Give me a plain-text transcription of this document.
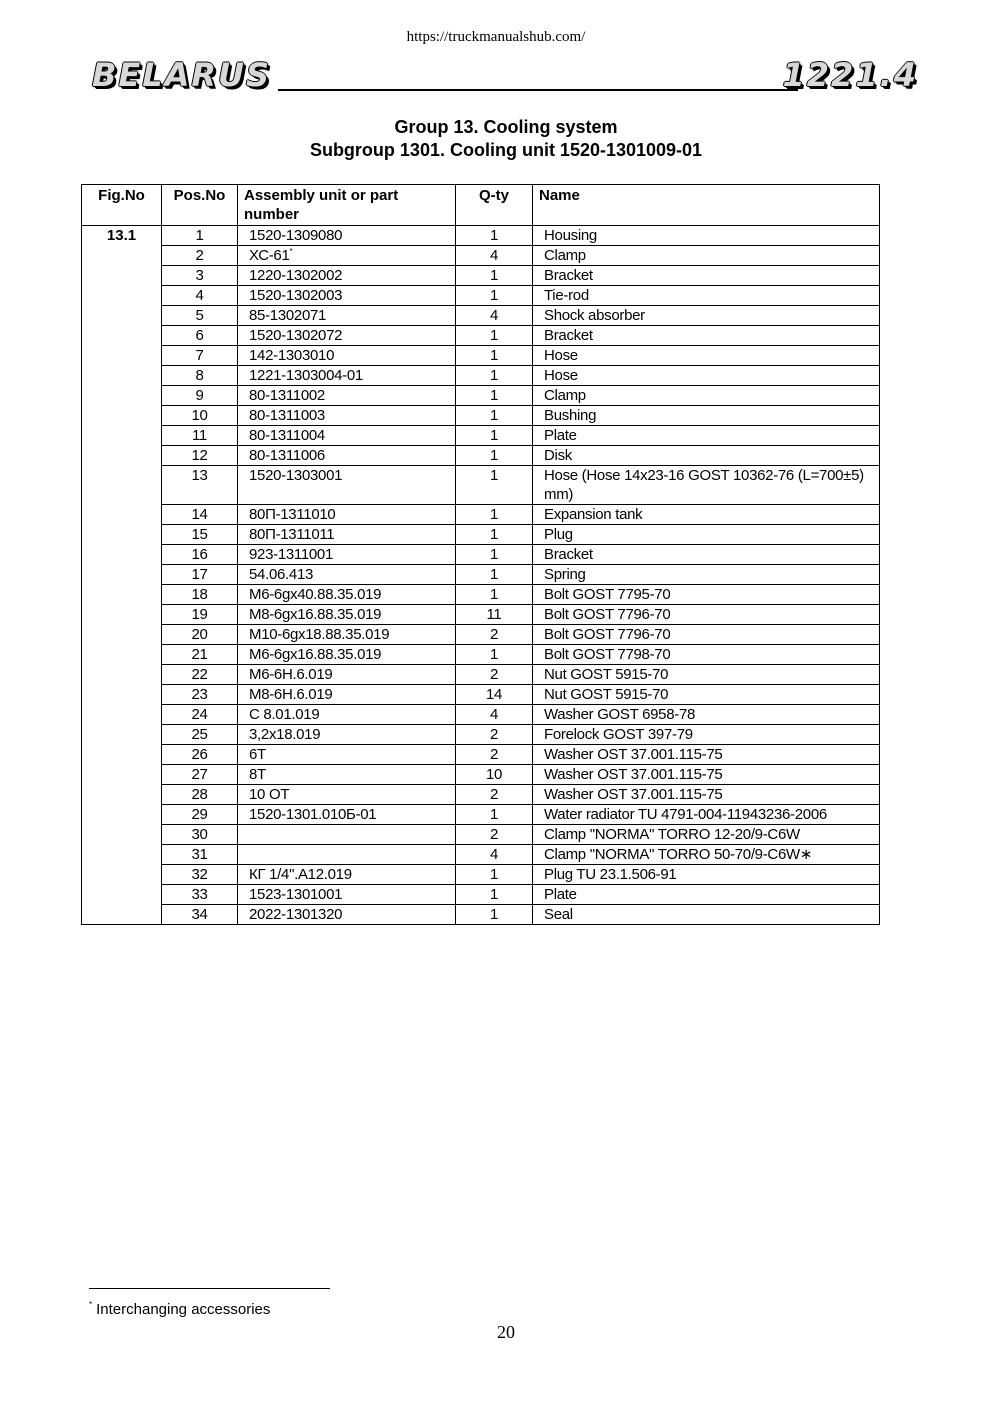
https://truckmanualshub.com/
BELARUS	1221.4
Group 13. Cooling system
Subgroup 1301. Cooling unit 1520-1301009-01
Fig.No	Pos.No	Assembly unit or part number	Q-ty	Name
13.1	1	1520-1309080	1	Housing
	2	ХС-61*	4	Clamp
	3	1220-1302002	1	Bracket
	4	1520-1302003	1	Tie-rod
	5	85-1302071	4	Shock absorber
	6	1520-1302072	1	Bracket
	7	142-1303010	1	Hose
	8	1221-1303004-01	1	Hose
	9	80-1311002	1	Clamp
	10	80-1311003	1	Bushing
	11	80-1311004	1	Plate
	12	80-1311006	1	Disk
	13	1520-1303001	1	Hose (Hose 14x23-16 GOST 10362-76 (L=700±5) mm)
	14	80П-1311010	1	Expansion tank
	15	80П-1311011	1	Plug
	16	923-1311001	1	Bracket
	17	54.06.413	1	Spring
	18	М6-6gх40.88.35.019	1	Bolt GOST 7795-70
	19	М8-6gх16.88.35.019	11	Bolt GOST 7796-70
	20	М10-6gх18.88.35.019	2	Bolt GOST 7796-70
	21	М6-6gх16.88.35.019	1	Bolt GOST 7798-70
	22	М6-6Н.6.019	2	Nut GOST 5915-70
	23	М8-6Н.6.019	14	Nut GOST 5915-70
	24	С 8.01.019	4	Washer GOST 6958-78
	25	3,2х18.019	2	Forelock GOST 397-79
	26	6Т	2	Washer OST 37.001.115-75
	27	8Т	10	Washer OST 37.001.115-75
	28	10 ОТ	2	Washer OST 37.001.115-75
	29	1520-1301.010Б-01	1	Water radiator TU 4791-004-11943236-2006
	30		2	Clamp "NORMA" TORRO 12-20/9-C6W
	31		4	Clamp "NORMA" TORRO 50-70/9-C6W∗
	32	КГ 1/4".А12.019	1	Plug TU 23.1.506-91
	33	1523-1301001	1	Plate
	34	2022-1301320	1	Seal
* Interchanging accessories
20
